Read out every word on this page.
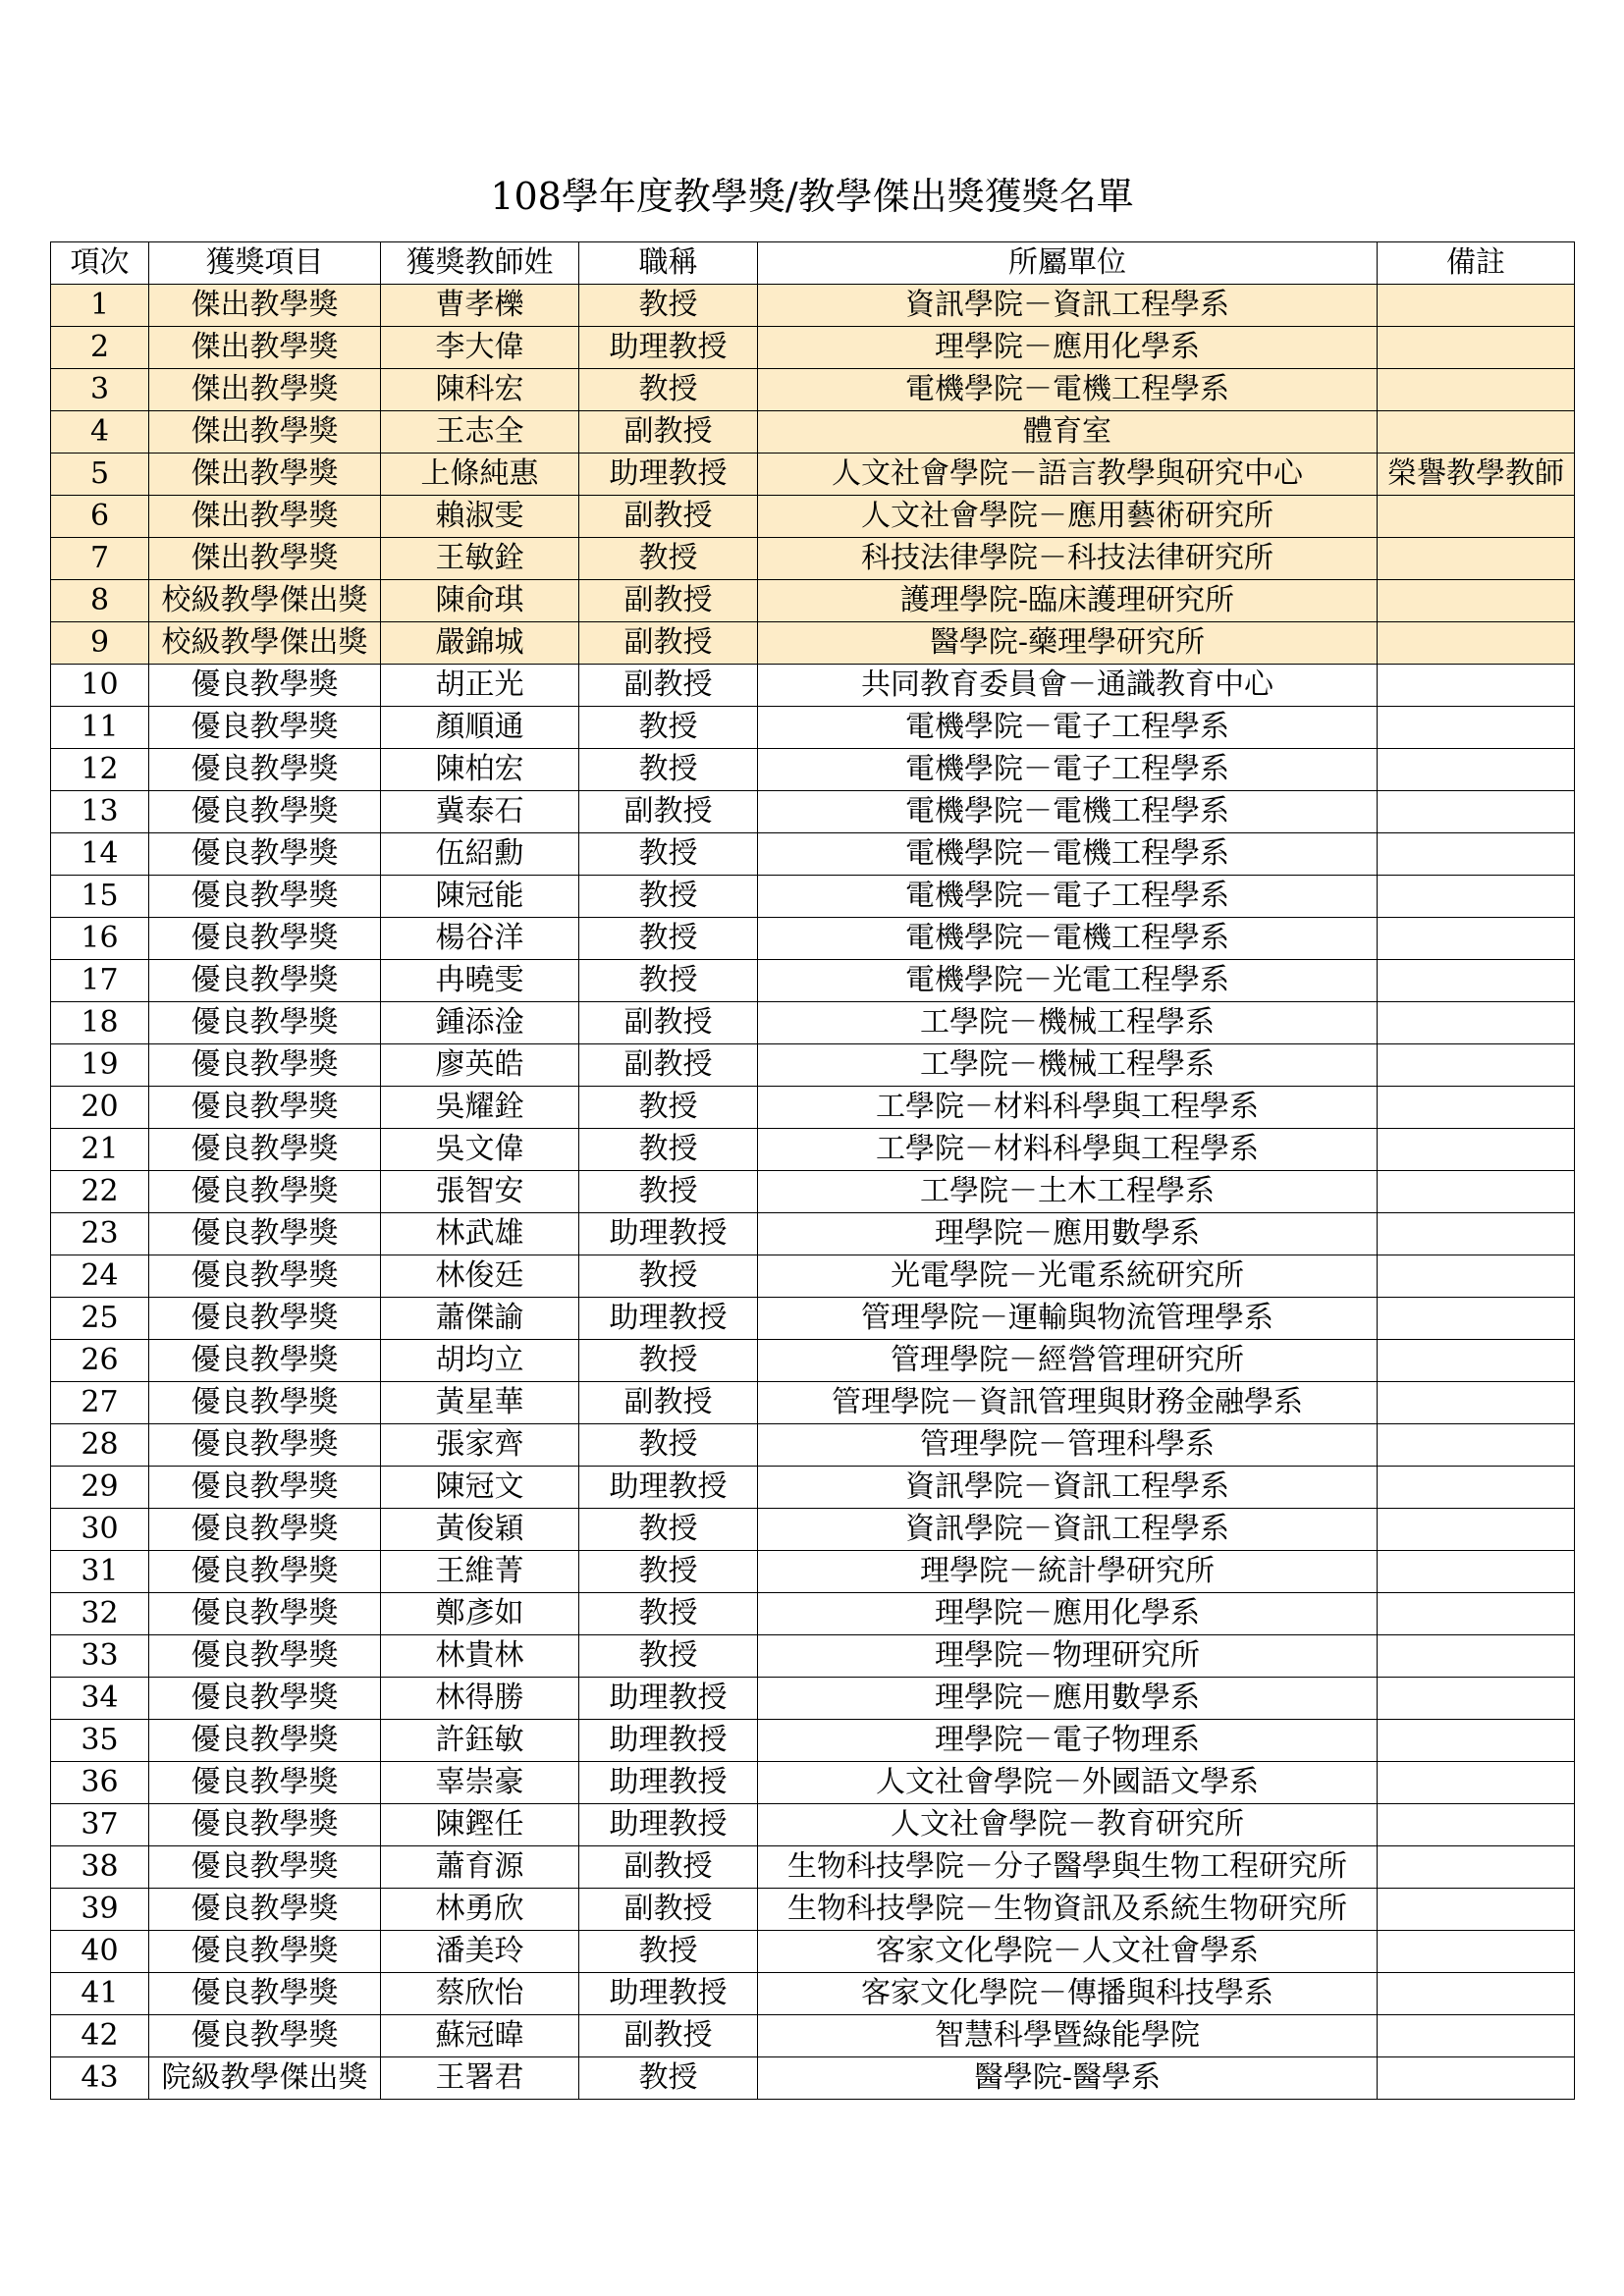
108學年度教學獎/教學傑出獎獲獎名單
項次	獲獎項目	獲獎教師姓	職稱	所屬單位	備註
1	傑出教學獎	曹孝櫟	教授	資訊學院－資訊工程學系	
2	傑出教學獎	李大偉	助理教授	理學院－應用化學系	
3	傑出教學獎	陳科宏	教授	電機學院－電機工程學系	
4	傑出教學獎	王志全	副教授	體育室	
5	傑出教學獎	上條純惠	助理教授	人文社會學院－語言教學與研究中心	榮譽教學教師
6	傑出教學獎	賴淑雯	副教授	人文社會學院－應用藝術研究所	
7	傑出教學獎	王敏銓	教授	科技法律學院－科技法律研究所	
8	校級教學傑出獎	陳俞琪	副教授	護理學院-臨床護理研究所	
9	校級教學傑出獎	嚴錦城	副教授	醫學院-藥理學研究所	
10	優良教學獎	胡正光	副教授	共同教育委員會－通識教育中心	
11	優良教學獎	顏順通	教授	電機學院－電子工程學系	
12	優良教學獎	陳柏宏	教授	電機學院－電子工程學系	
13	優良教學獎	冀泰石	副教授	電機學院－電機工程學系	
14	優良教學獎	伍紹勳	教授	電機學院－電機工程學系	
15	優良教學獎	陳冠能	教授	電機學院－電子工程學系	
16	優良教學獎	楊谷洋	教授	電機學院－電機工程學系	
17	優良教學獎	冉曉雯	教授	電機學院－光電工程學系	
18	優良教學獎	鍾添淦	副教授	工學院－機械工程學系	
19	優良教學獎	廖英皓	副教授	工學院－機械工程學系	
20	優良教學獎	吳耀銓	教授	工學院－材料科學與工程學系	
21	優良教學獎	吳文偉	教授	工學院－材料科學與工程學系	
22	優良教學獎	張智安	教授	工學院－土木工程學系	
23	優良教學獎	林武雄	助理教授	理學院－應用數學系	
24	優良教學獎	林俊廷	教授	光電學院－光電系統研究所	
25	優良教學獎	蕭傑諭	助理教授	管理學院－運輸與物流管理學系	
26	優良教學獎	胡均立	教授	管理學院－經營管理研究所	
27	優良教學獎	黃星華	副教授	管理學院－資訊管理與財務金融學系	
28	優良教學獎	張家齊	教授	管理學院－管理科學系	
29	優良教學獎	陳冠文	助理教授	資訊學院－資訊工程學系	
30	優良教學獎	黃俊穎	教授	資訊學院－資訊工程學系	
31	優良教學獎	王維菁	教授	理學院－統計學研究所	
32	優良教學獎	鄭彥如	教授	理學院－應用化學系	
33	優良教學獎	林貴林	教授	理學院－物理研究所	
34	優良教學獎	林得勝	助理教授	理學院－應用數學系	
35	優良教學獎	許鈺敏	助理教授	理學院－電子物理系	
36	優良教學獎	辜崇豪	助理教授	人文社會學院－外國語文學系	
37	優良教學獎	陳鏗任	助理教授	人文社會學院－教育研究所	
38	優良教學獎	蕭育源	副教授	生物科技學院－分子醫學與生物工程研究所	
39	優良教學獎	林勇欣	副教授	生物科技學院－生物資訊及系統生物研究所	
40	優良教學獎	潘美玲	教授	客家文化學院－人文社會學系	
41	優良教學獎	蔡欣怡	助理教授	客家文化學院－傳播與科技學系	
42	優良教學獎	蘇冠暐	副教授	智慧科學暨綠能學院	
43	院級教學傑出獎	王署君	教授	醫學院-醫學系	
